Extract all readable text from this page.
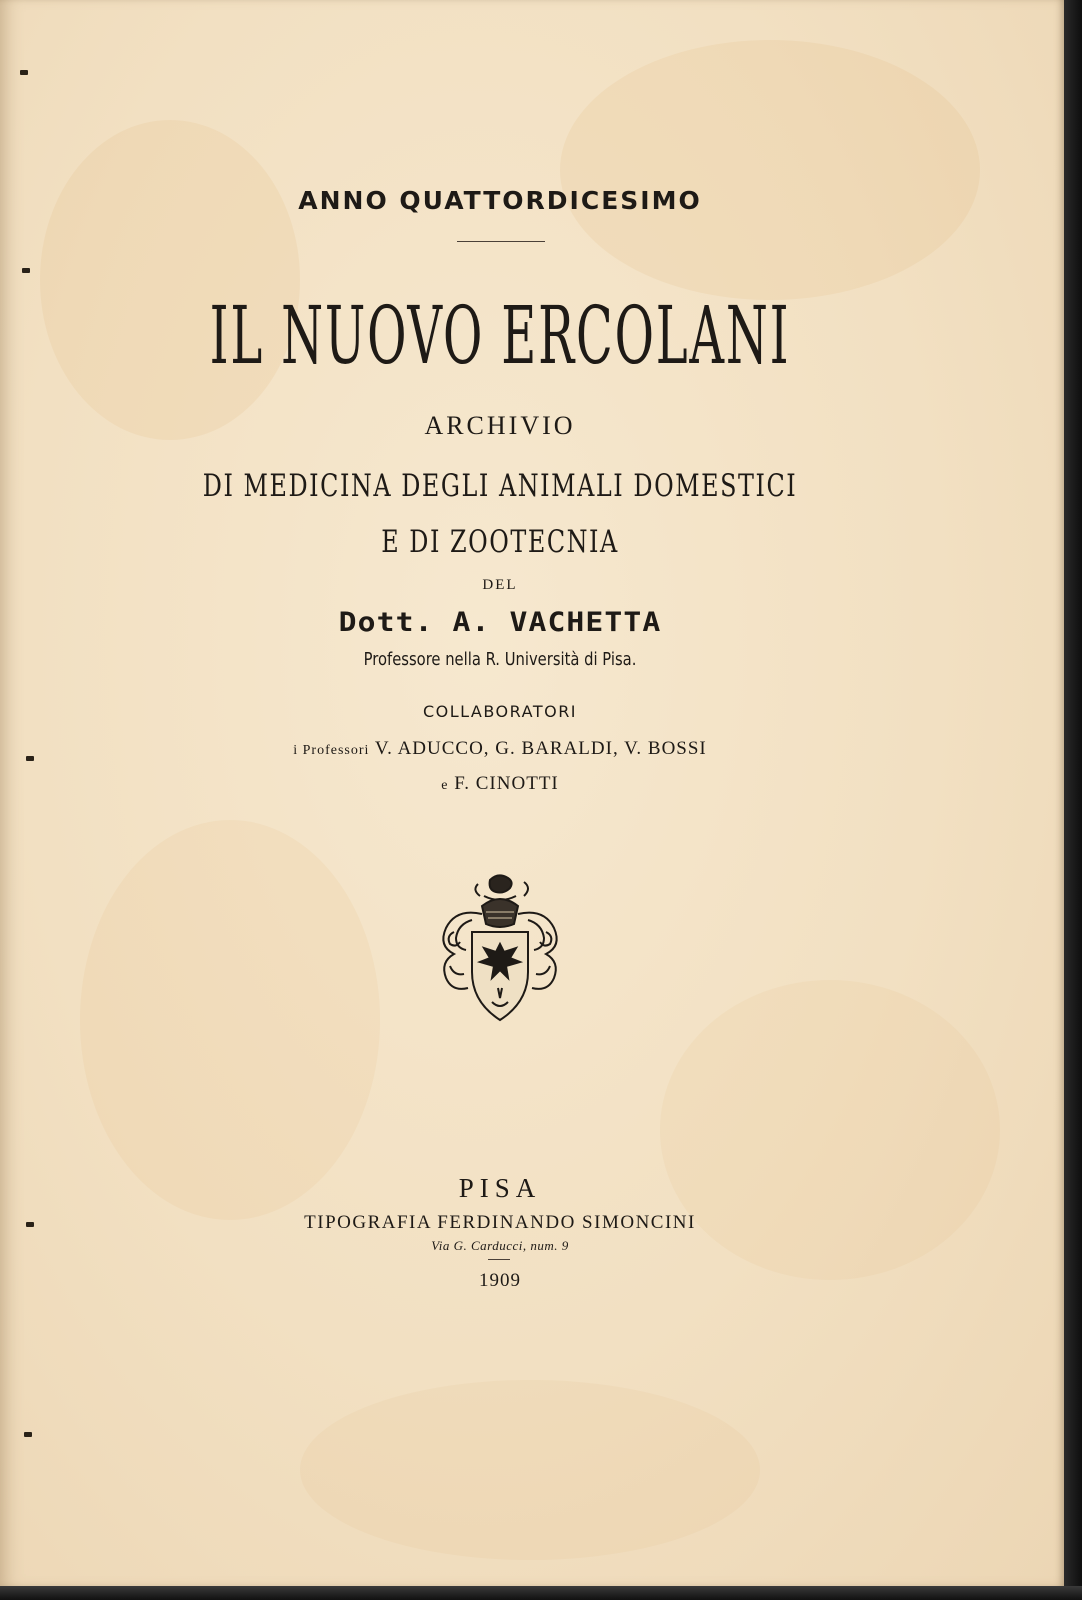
ANNO QUATTORDICESIMO
IL NUOVO ERCOLANI
ARCHIVIO
DI MEDICINA DEGLI ANIMALI DOMESTICI
E DI ZOOTECNIA
DEL
Dott. A. VACHETTA
Professore nella R. Università di Pisa.
COLLABORATORI
i Professori V. ADUCCO, G. BARALDI, V. BOSSI
e F. CINOTTI
PISA
TIPOGRAFIA FERDINANDO SIMONCINI
Via G. Carducci, num. 9
1909
